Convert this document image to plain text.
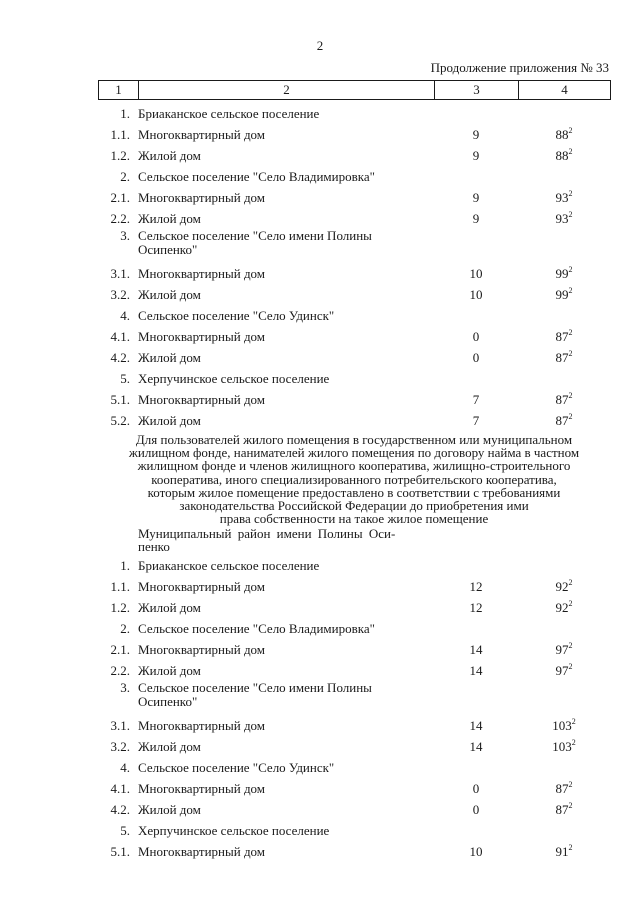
2
Продолжение приложения № 33
1	2	3	4
1. Бриаканское сельское поселение
1.1. Многоквартирный дом	9	$88^2$
1.2. Жилой дом	9	$88^2$
2. Сельское поселение "Село Владимировка"
2.1. Многоквартирный дом	9	$93^2$
2.2. Жилой дом	9	$93^2$
3. Сельское поселение "Село имени Полины Осипенко"
3.1. Многоквартирный дом	10	$99^2$
3.2. Жилой дом	10	$99^2$
4. Сельское поселение "Село Удинск"
4.1. Многоквартирный дом	0	$87^2$
4.2. Жилой дом	0	$87^2$
5. Херпучинское сельское поселение
5.1. Многоквартирный дом	7	$87^2$
5.2. Жилой дом	7	$87^2$
Для пользователей жилого помещения в государственном или муниципальном
жилищном фонде, нанимателей жилого помещения по договору найма в частном
жилищном фонде и членов жилищного кооператива, жилищно-строительного
кооператива, иного специализированного потребительского кооператива,
которым жилое помещение предоставлено в соответствии с требованиями
законодательства Российской Федерации до приобретения ими
права собственности на такое жилое помещение
Муниципальный район имени Полины Оси-
пенко
1. Бриаканское сельское поселение
1.1. Многоквартирный дом	12	$92^2$
1.2. Жилой дом	12	$92^2$
2. Сельское поселение "Село Владимировка"
2.1. Многоквартирный дом	14	$97^2$
2.2. Жилой дом	14	$97^2$
3. Сельское поселение "Село имени Полины Осипенко"
3.1. Многоквартирный дом	14	$103^2$
3.2. Жилой дом	14	$103^2$
4. Сельское поселение "Село Удинск"
4.1. Многоквартирный дом	0	$87^2$
4.2. Жилой дом	0	$87^2$
5. Херпучинское сельское поселение
5.1. Многоквартирный дом	10	$91^2$
